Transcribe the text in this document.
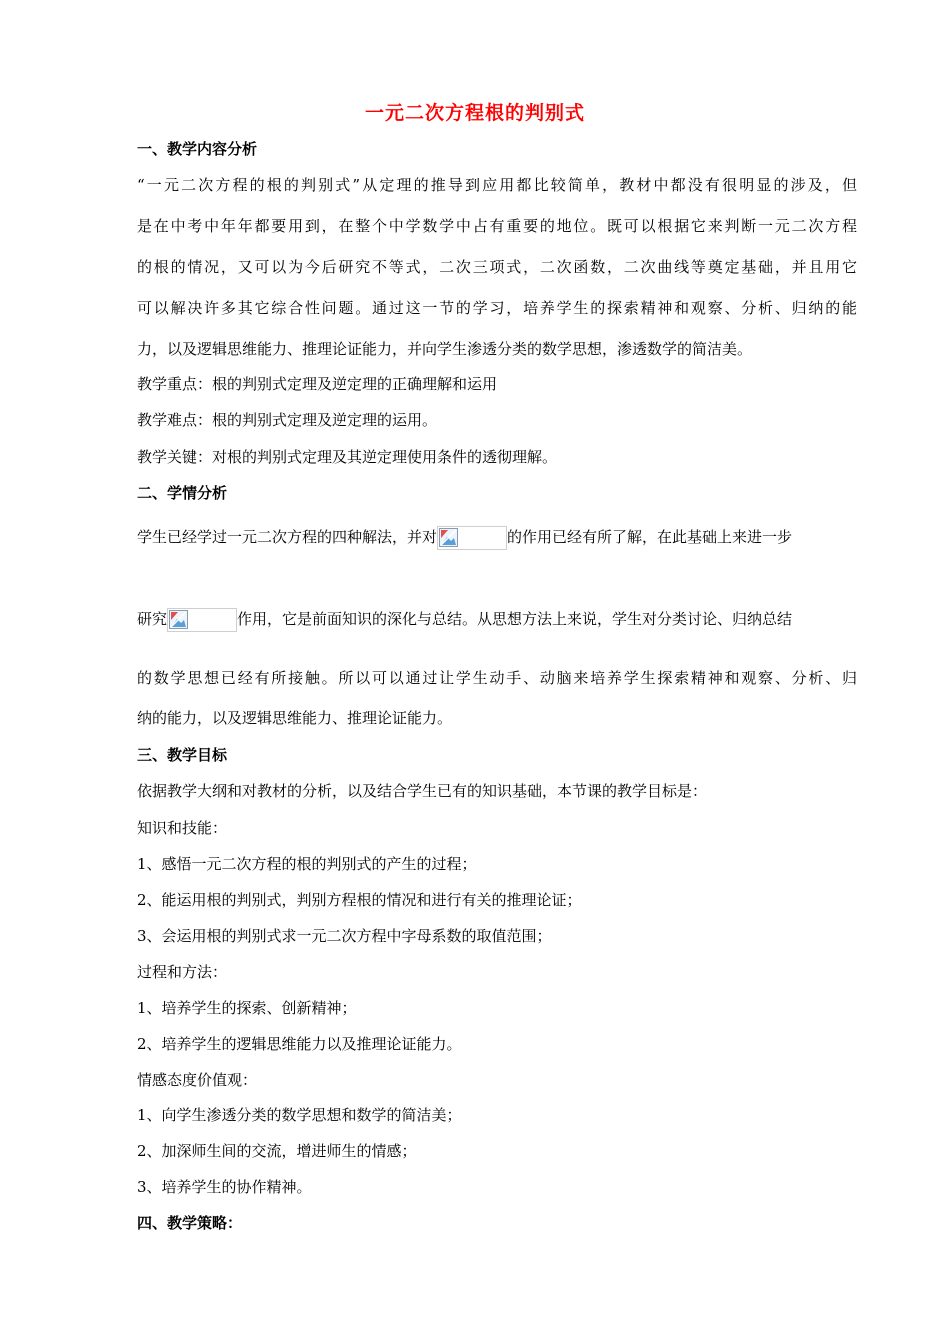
一元二次方程根的判别式
一、教学内容分析
“一元二次方程的根的判别式”从定理的推导到应用都比较简单，教材中都没有很明显的涉及，但
是在中考中年年都要用到，在整个中学数学中占有重要的地位。既可以根据它来判断一元二次方程
的根的情况，又可以为今后研究不等式，二次三项式，二次函数，二次曲线等奠定基础，并且用它
可以解决许多其它综合性问题。通过这一节的学习，培养学生的探索精神和观察、分析、归纳的能
力，以及逻辑思维能力、推理论证能力，并向学生渗透分类的数学思想，渗透数学的简洁美。
教学重点：根的判别式定理及逆定理的正确理解和运用
教学难点：根的判别式定理及逆定理的运用。
教学关键：对根的判别式定理及其逆定理使用条件的透彻理解。
二、学情分析
学生已经学过一元二次方程的四种解法，并对	的作用已经有所了解，在此基础上来进一步
研究	作用，它是前面知识的深化与总结。从思想方法上来说，学生对分类讨论、归纳总结
的数学思想已经有所接触。所以可以通过让学生动手、动脑来培养学生探索精神和观察、分析、归
纳的能力，以及逻辑思维能力、推理论证能力。
三、教学目标
依据教学大纲和对教材的分析，以及结合学生已有的知识基础，本节课的教学目标是：
知识和技能：
1、感悟一元二次方程的根的判别式的产生的过程；
2、能运用根的判别式，判别方程根的情况和进行有关的推理论证；
3、会运用根的判别式求一元二次方程中字母系数的取值范围；
过程和方法：
1、培养学生的探索、创新精神；
2、培养学生的逻辑思维能力以及推理论证能力。
情感态度价值观：
1、向学生渗透分类的数学思想和数学的简洁美；
2、加深师生间的交流，增进师生的情感；
3、培养学生的协作精神。
四、教学策略：
